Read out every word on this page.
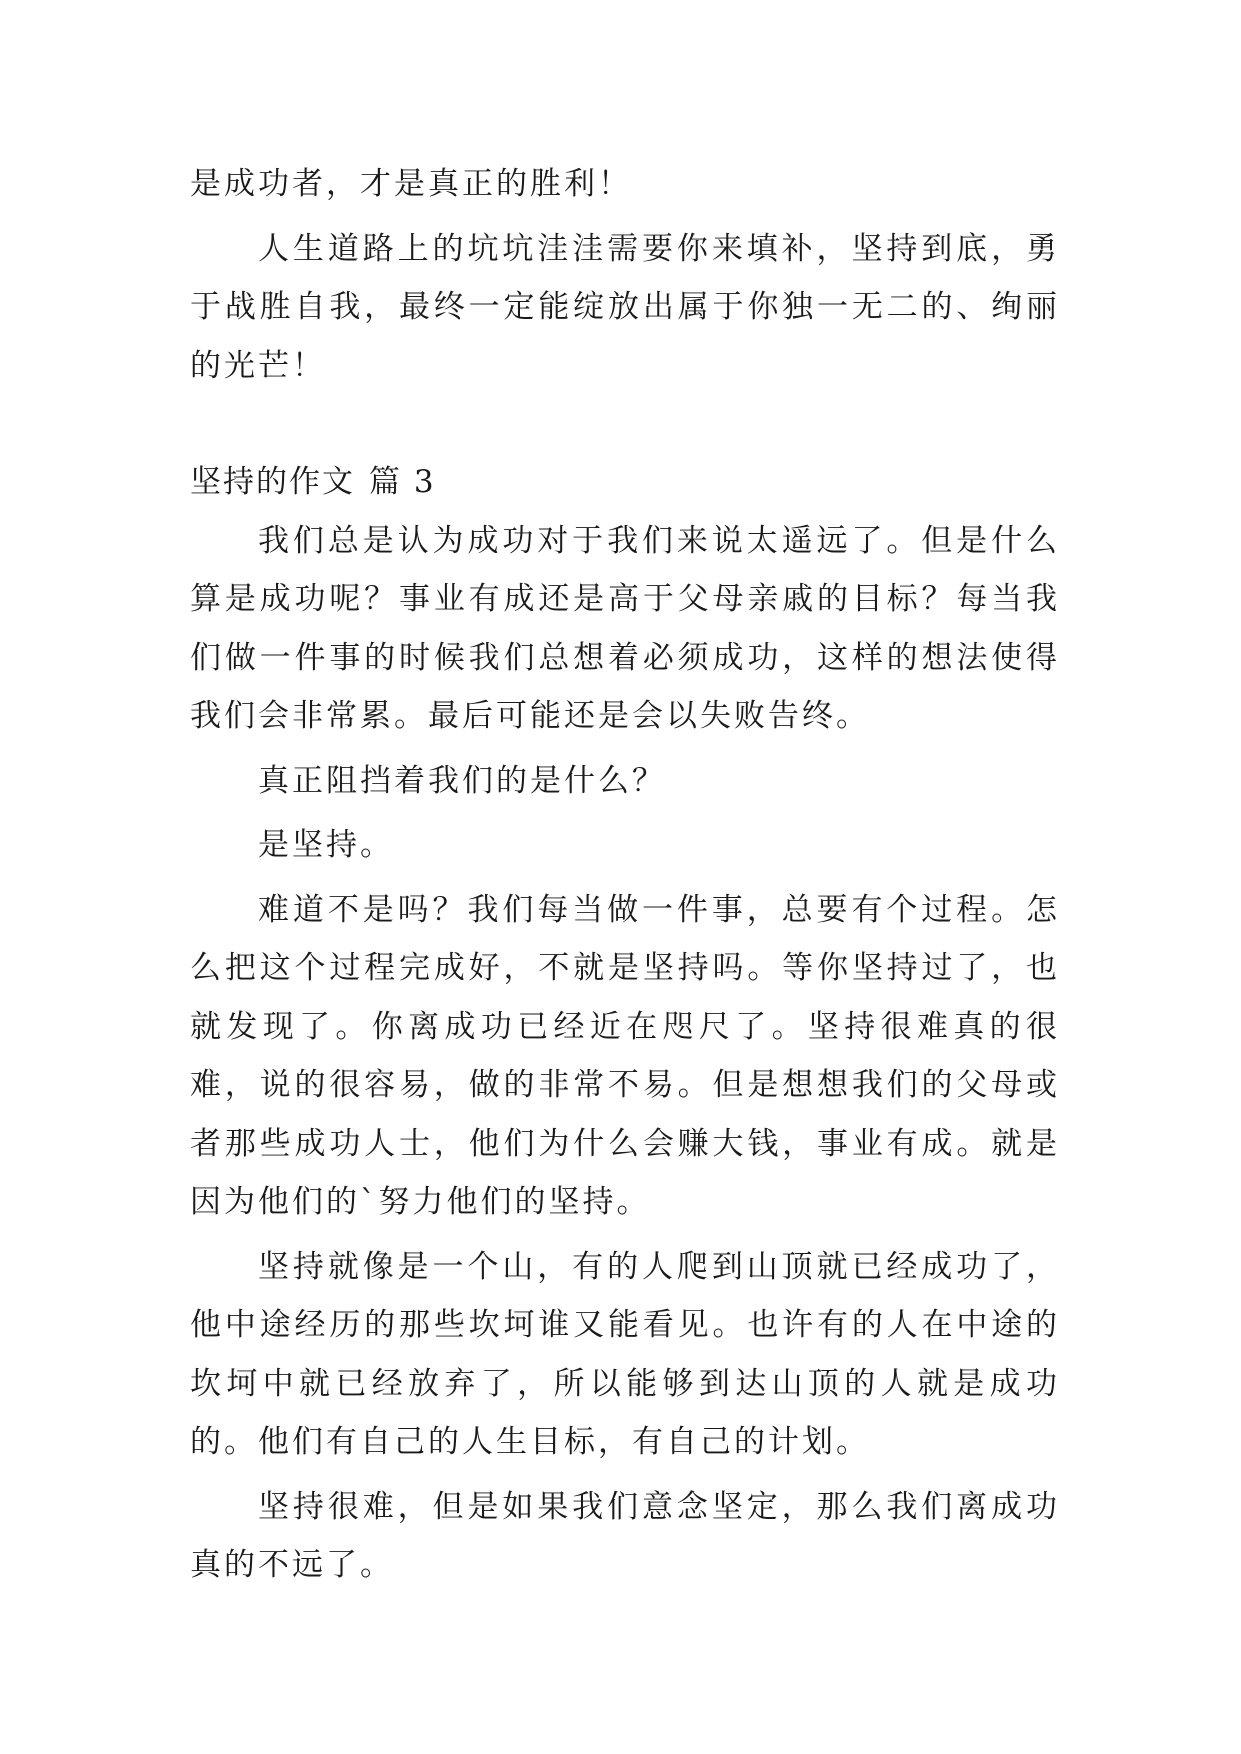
是成功者，才是真正的胜利！

人生道路上的坑坑洼洼需要你来填补，坚持到底，勇于战胜自我，最终一定能绽放出属于你独一无二的、绚丽的光芒！

坚持的作文 篇 3

我们总是认为成功对于我们来说太遥远了。但是什么算是成功呢？事业有成还是高于父母亲戚的目标？每当我们做一件事的时候我们总想着必须成功，这样的想法使得我们会非常累。最后可能还是会以失败告终。

真正阻挡着我们的是什么？

是坚持。

难道不是吗？我们每当做一件事，总要有个过程。怎么把这个过程完成好，不就是坚持吗。等你坚持过了，也就发现了。你离成功已经近在咫尺了。坚持很难真的很难，说的很容易，做的非常不易。但是想想我们的父母或者那些成功人士，他们为什么会赚大钱，事业有成。就是因为他们的`努力他们的坚持。

坚持就像是一个山，有的人爬到山顶就已经成功了，他中途经历的那些坎坷谁又能看见。也许有的人在中途的坎坷中就已经放弃了，所以能够到达山顶的人就是成功的。他们有自己的人生目标，有自己的计划。

坚持很难，但是如果我们意念坚定，那么我们离成功真的不远了。
